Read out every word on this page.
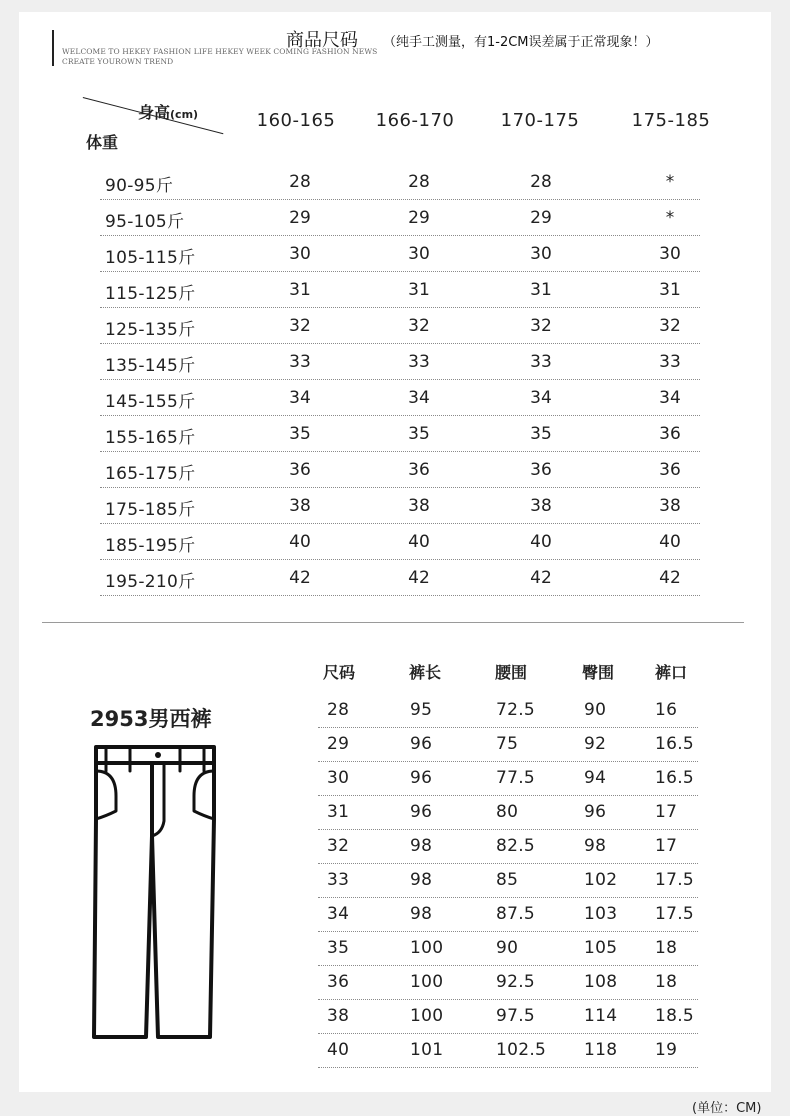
WELCOME TO HEKEY FASHION LIFE HEKEY WEEK COMING FASHION NEWS
CREATE YOUROWN TREND
商品尺码 （纯手工测量，有1-2CM误差属于正常现象！）
身高(cm)
体重
160-165	166-170	170-175	175-185
90-95斤	28	28	28	*
95-105斤	29	29	29	*
105-115斤	30	30	30	30
115-125斤	31	31	31	31
125-135斤	32	32	32	32
135-145斤	33	33	33	33
145-155斤	34	34	34	34
155-165斤	35	35	35	36
165-175斤	36	36	36	36
175-185斤	38	38	38	38
185-195斤	40	40	40	40
195-210斤	42	42	42	42
2953男西裤
尺码	裤长	腰围	臀围	裤口
28	95	72.5	90	16
29	96	75	92	16.5
30	96	77.5	94	16.5
31	96	80	96	17
32	98	82.5	98	17
33	98	85	102 17.5
34	98	87.5	103 17.5
35	100	90	105 18
36	100	92.5	108 18
38	100	97.5	114 18.5
40	101	102.5 118 19
(单位：CM)
